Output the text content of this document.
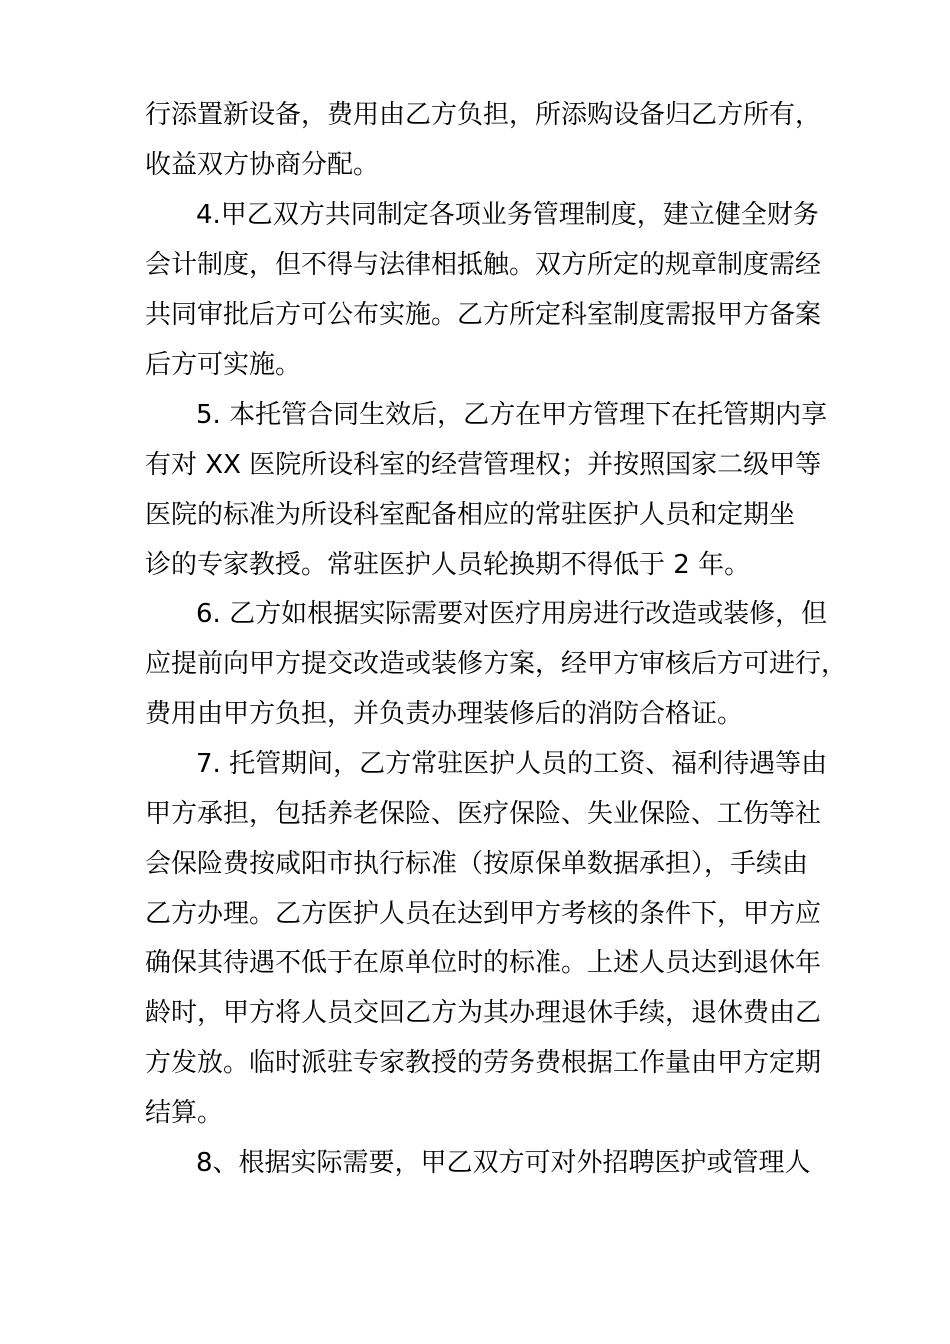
行添置新设备，费用由乙方负担，所添购设备归乙方所有，
收益双方协商分配。
4.甲乙双方共同制定各项业务管理制度，建立健全财务
会计制度，但不得与法律相抵触。双方所定的规章制度需经
共同审批后方可公布实施。乙方所定科室制度需报甲方备案
后方可实施。
5. 本托管合同生效后，乙方在甲方管理下在托管期内享
有对 XX 医院所设科室的经营管理权；并按照国家二级甲等
医院的标准为所设科室配备相应的常驻医护人员和定期坐
诊的专家教授。常驻医护人员轮换期不得低于 2 年。
6. 乙方如根据实际需要对医疗用房进行改造或装修，但
应提前向甲方提交改造或装修方案，经甲方审核后方可进行，
费用由甲方负担，并负责办理装修后的消防合格证。
7. 托管期间，乙方常驻医护人员的工资、福利待遇等由
甲方承担，包括养老保险、医疗保险、失业保险、工伤等社
会保险费按咸阳市执行标准（按原保单数据承担），手续由
乙方办理。乙方医护人员在达到甲方考核的条件下，甲方应
确保其待遇不低于在原单位时的标准。上述人员达到退休年
龄时，甲方将人员交回乙方为其办理退休手续，退休费由乙
方发放。临时派驻专家教授的劳务费根据工作量由甲方定期
结算。
8、根据实际需要，甲乙双方可对外招聘医护或管理人
